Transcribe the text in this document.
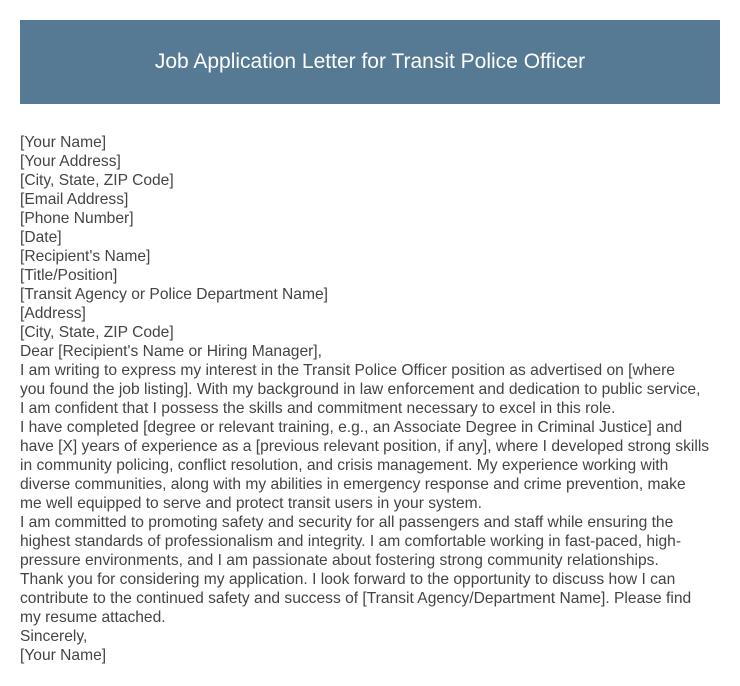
Job Application Letter for Transit Police Officer
[Your Name]
[Your Address]
[City, State, ZIP Code]
[Email Address]
[Phone Number]
[Date]
[Recipient's Name]
[Title/Position]
[Transit Agency or Police Department Name]
[Address]
[City, State, ZIP Code]
Dear [Recipient's Name or Hiring Manager],

I am writing to express my interest in the Transit Police Officer position as advertised on [where
you found the job listing]. With my background in law enforcement and dedication to public service,
I am confident that I possess the skills and commitment necessary to excel in this role.

I have completed [degree or relevant training, e.g., an Associate Degree in Criminal Justice] and
have [X] years of experience as a [previous relevant position, if any], where I developed strong skills
in community policing, conflict resolution, and crisis management. My experience working with
diverse communities, along with my abilities in emergency response and crime prevention, make
me well equipped to serve and protect transit users in your system.

I am committed to promoting safety and security for all passengers and staff while ensuring the
highest standards of professionalism and integrity. I am comfortable working in fast-paced, high-
pressure environments, and I am passionate about fostering strong community relationships.

Thank you for considering my application. I look forward to the opportunity to discuss how I can
contribute to the continued safety and success of [Transit Agency/Department Name]. Please find
my resume attached.

Sincerely,
[Your Name]
